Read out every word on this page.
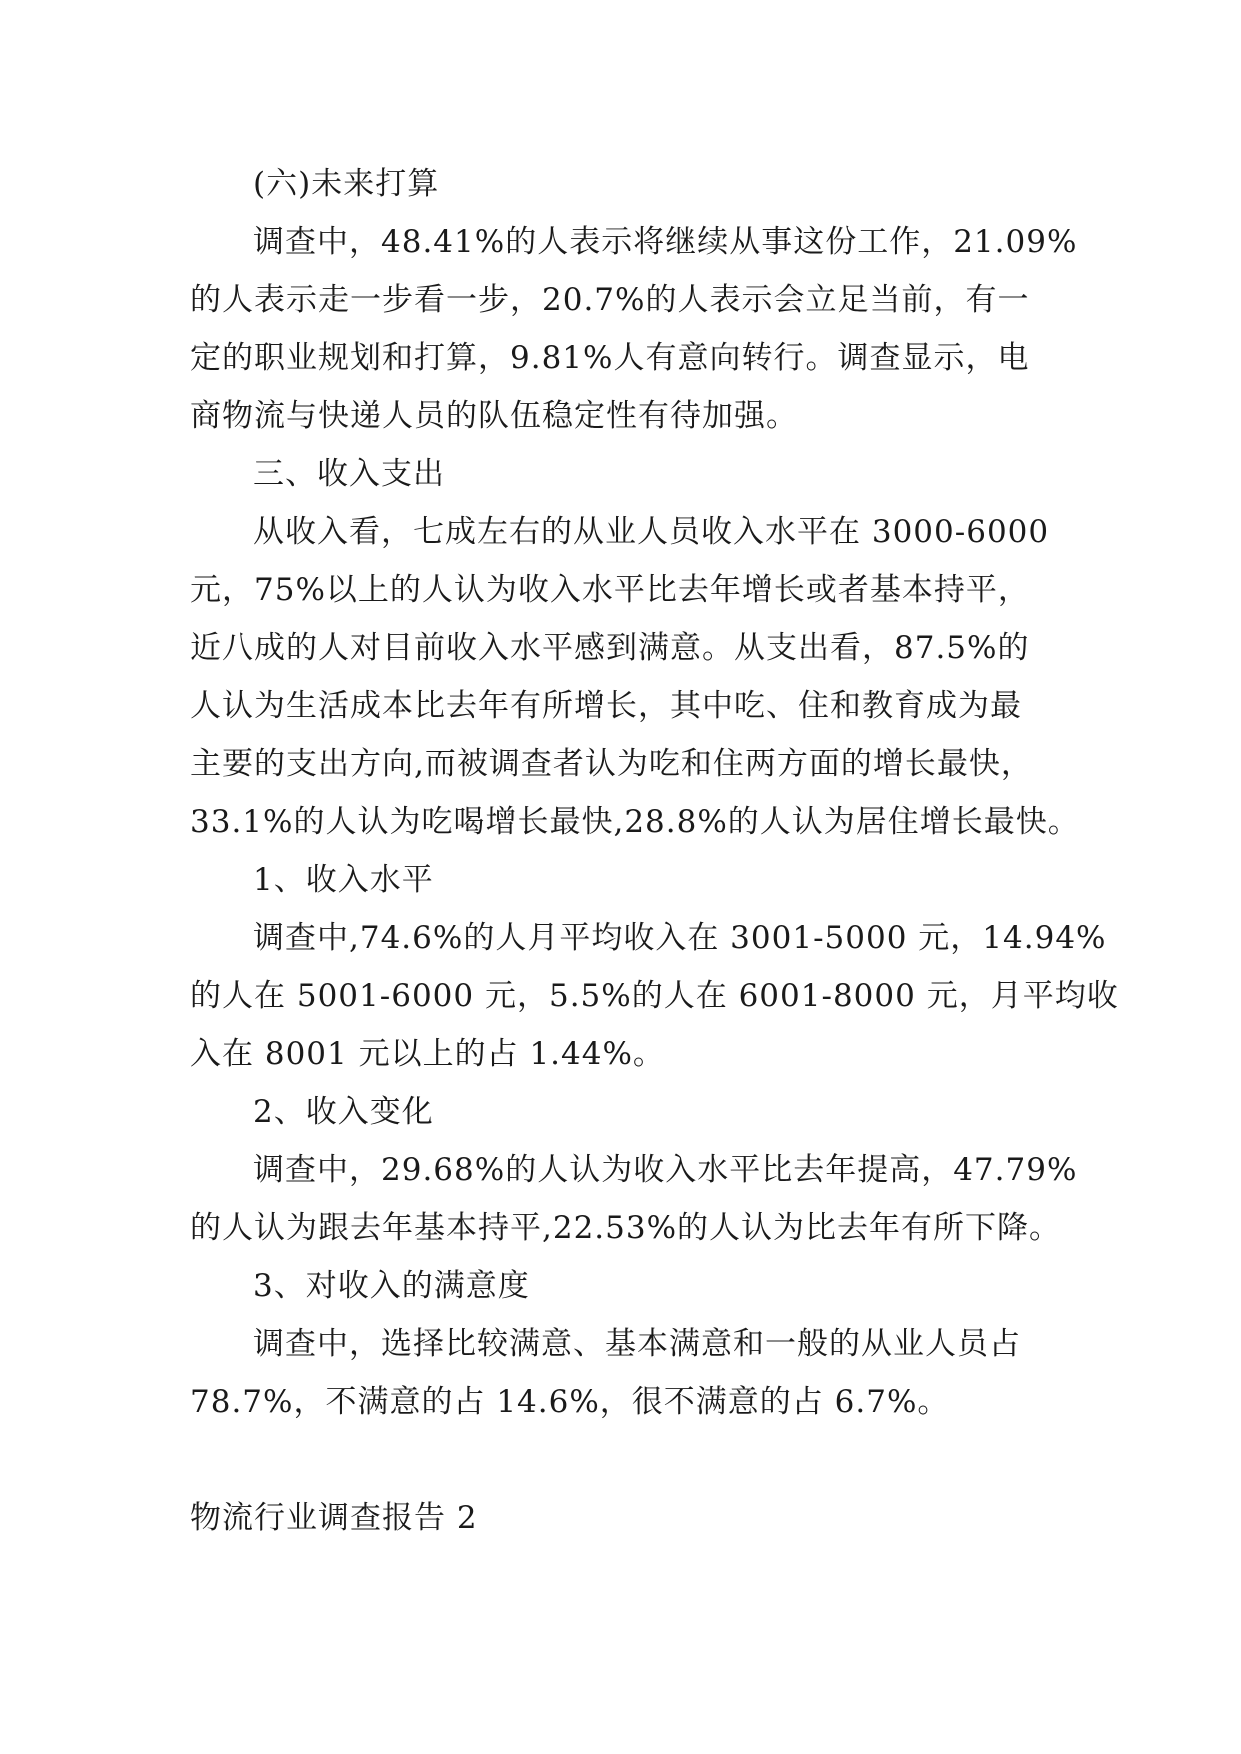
(六)未来打算
调查中，48.41%的人表示将继续从事这份工作，21.09%
的人表示走一步看一步，20.7%的人表示会立足当前，有一
定的职业规划和打算，9.81%人有意向转行。调查显示，电
商物流与快递人员的队伍稳定性有待加强。
三、收入支出
从收入看，七成左右的从业人员收入水平在 3000-6000
元，75%以上的人认为收入水平比去年增长或者基本持平，
近八成的人对目前收入水平感到满意。从支出看，87.5%的
人认为生活成本比去年有所增长，其中吃、住和教育成为最
主要的支出方向,而被调查者认为吃和住两方面的增长最快，
33.1%的人认为吃喝增长最快,28.8%的人认为居住增长最快。
1、收入水平
调查中,74.6%的人月平均收入在 3001-5000 元，14.94%
的人在 5001-6000 元，5.5%的人在 6001-8000 元，月平均收
入在 8001 元以上的占 1.44%。
2、收入变化
调查中，29.68%的人认为收入水平比去年提高，47.79%
的人认为跟去年基本持平,22.53%的人认为比去年有所下降。
3、对收入的满意度
调查中，选择比较满意、基本满意和一般的从业人员占
78.7%，不满意的占 14.6%，很不满意的占 6.7%。
物流行业调查报告 2
